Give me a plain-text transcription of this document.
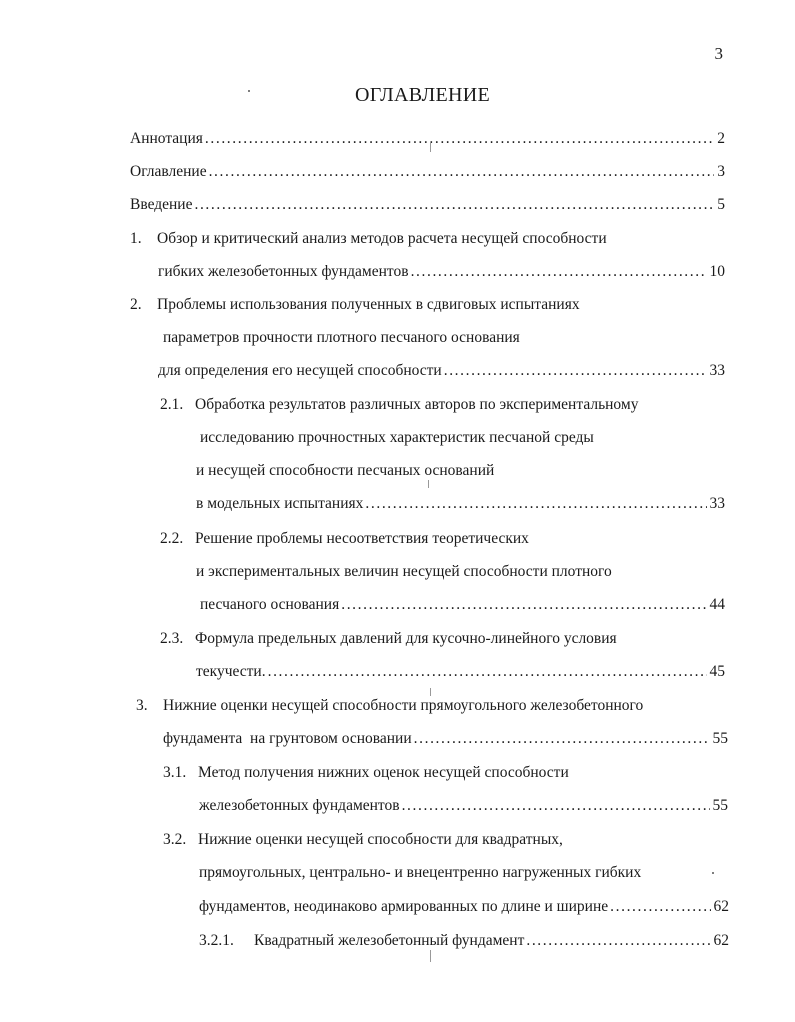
3
ОГЛАВЛЕНИЕ
Аннотация .....	2
Оглавление .....	3
Введение .....	5
1. Обзор и критический анализ методов расчета несущей способности
гибких железобетонных фундаментов .....	10
2. Проблемы использования полученных в сдвиговых испытаниях
параметров прочности плотного песчаного основания
для определения его несущей способности .....	33
2.1. Обработка результатов различных авторов по экспериментальному
исследованию прочностных характеристик песчаной среды
и несущей способности песчаных оснований
в модельных испытаниях .....	33
2.2. Решение проблемы несоответствия теоретических
и экспериментальных величин несущей способности плотного
песчаного основания .....	44
2.3. Формула предельных давлений для кусочно-линейного условия
текучести. .....	45
3. Нижние оценки несущей способности прямоугольного железобетонного
фундамента  на грунтовом основании .....	55
3.1. Метод получения нижних оценок несущей способности
железобетонных фундаментов .....	55
3.2. Нижние оценки несущей способности для квадратных,
прямоугольных, центрально- и внецентренно нагруженных гибких
фундаментов, неодинаково армированных по длине и ширине .....	62
3.2.1.	Квадратный железобетонный фундамент .....	62
